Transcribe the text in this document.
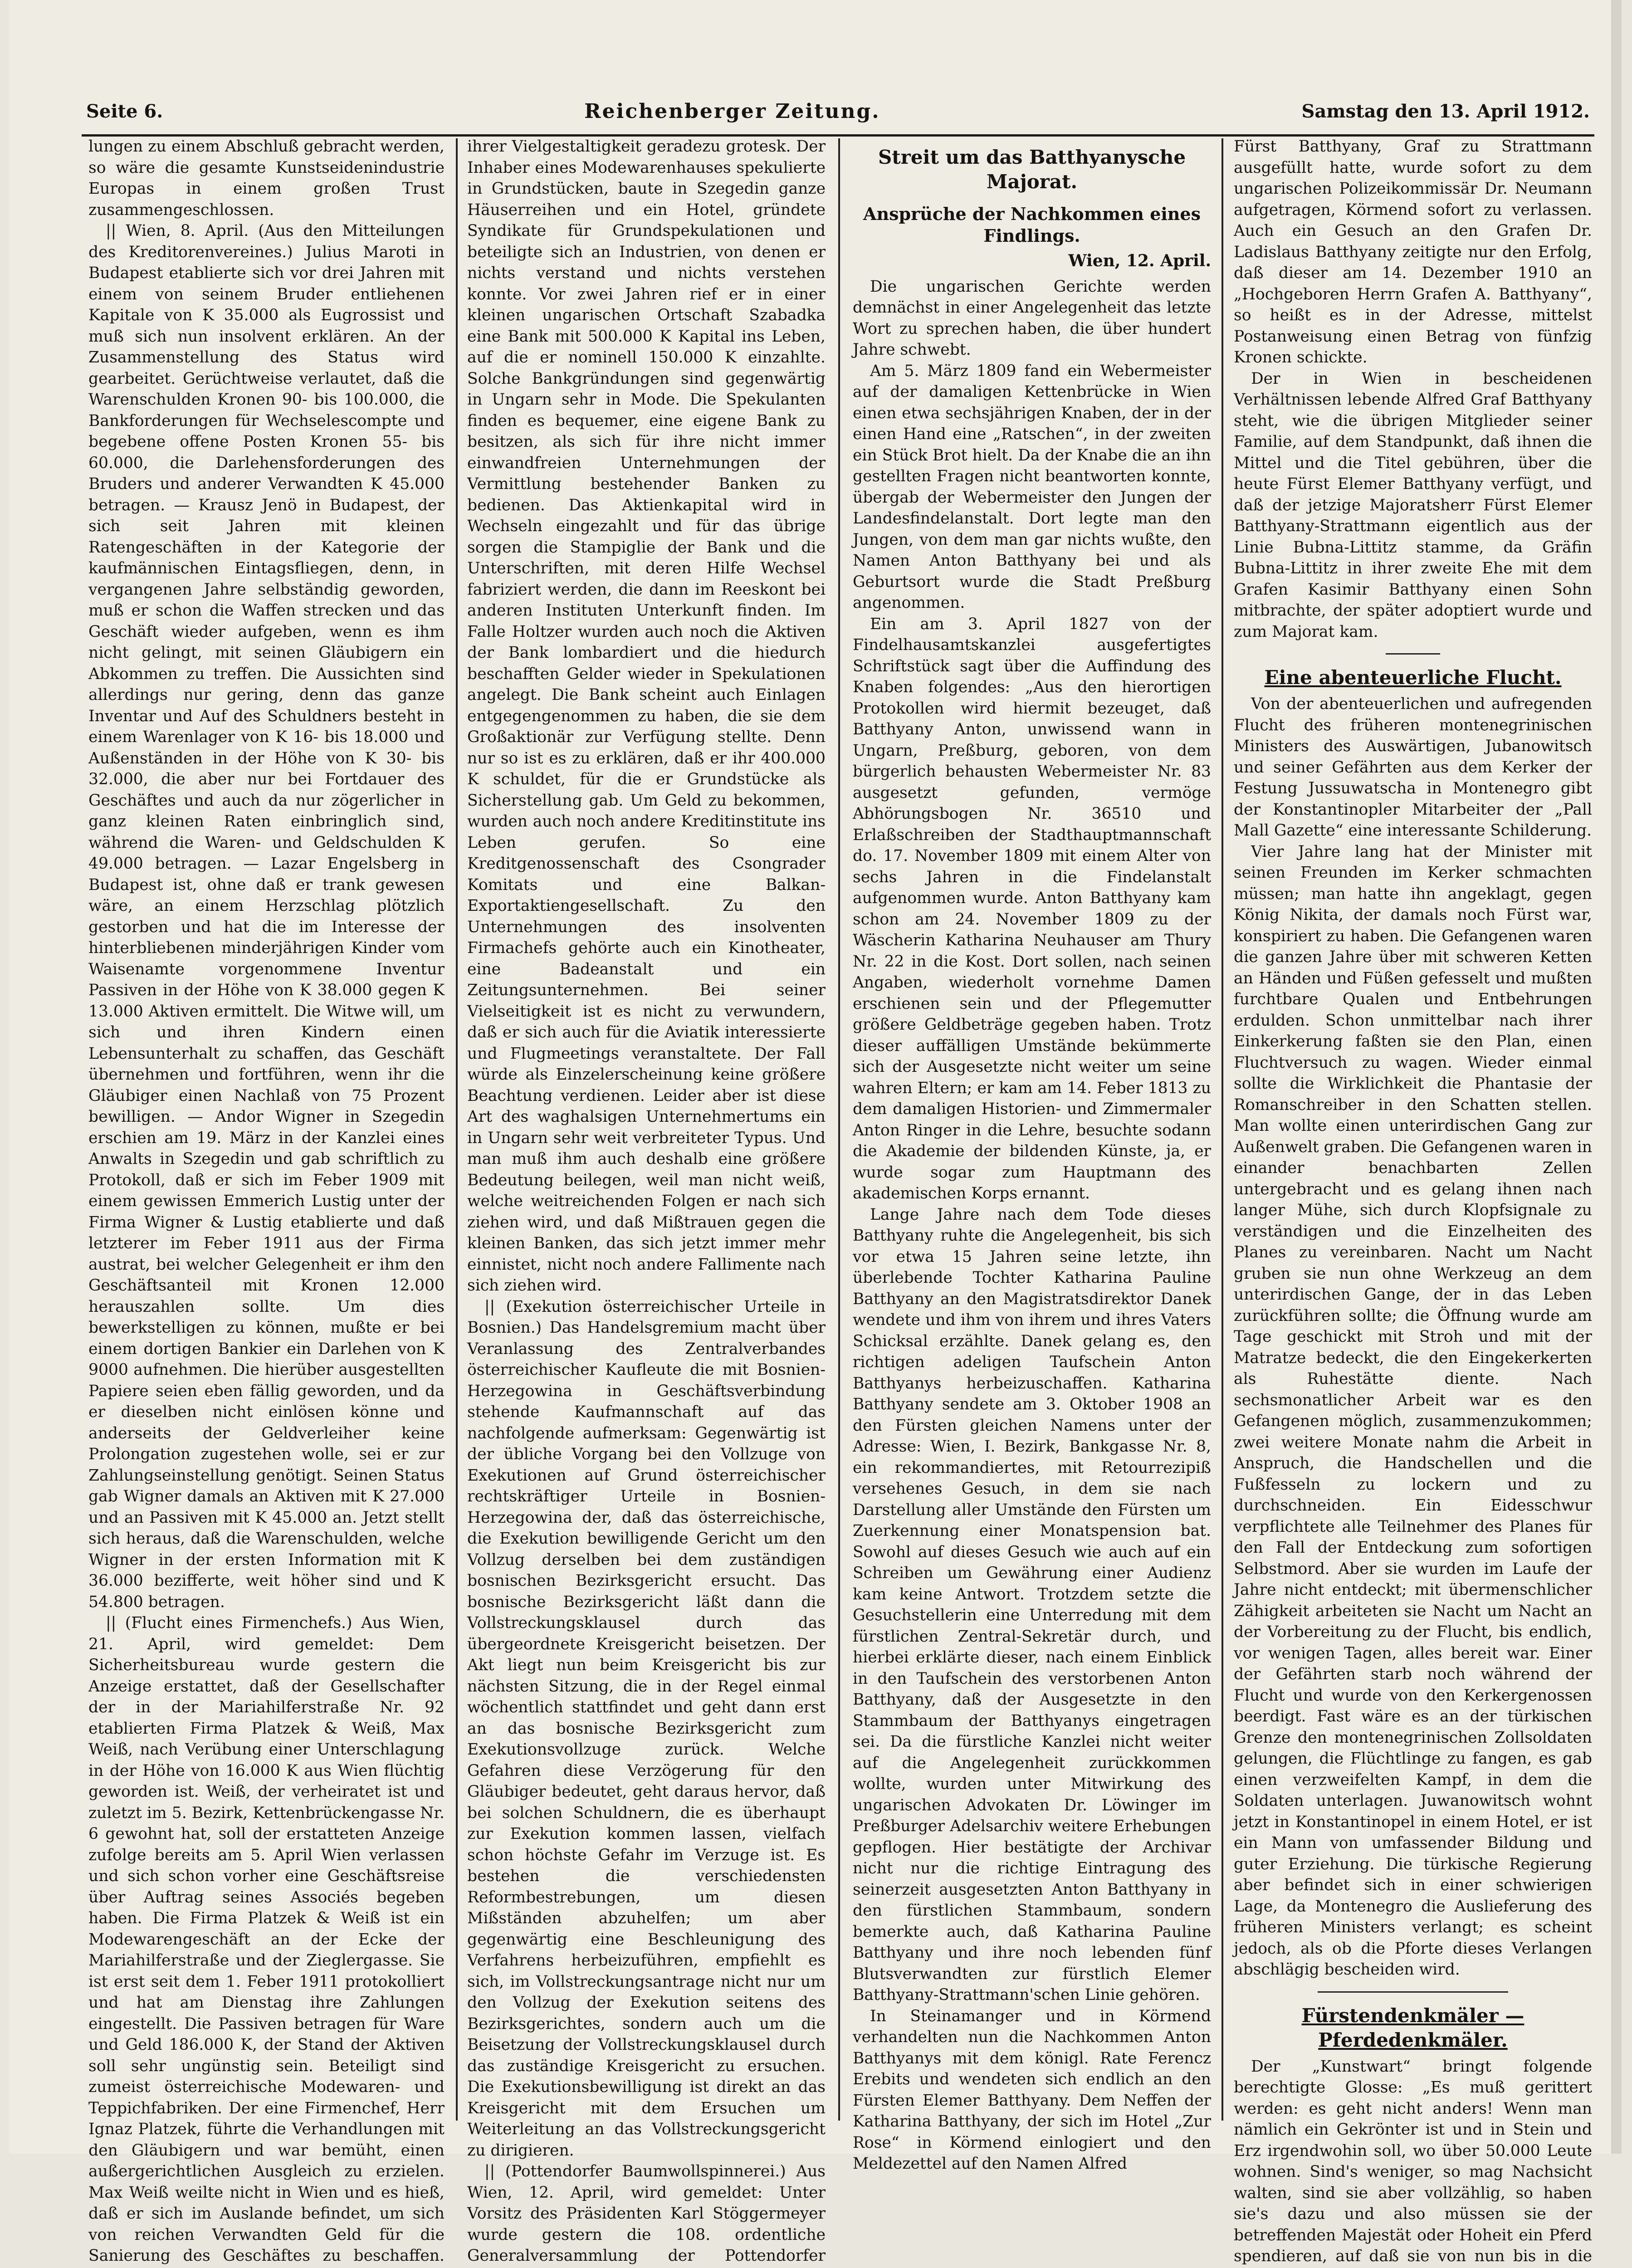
Seite 6.	Reichenberger Zeitung.	Samstag den 13. April 1912.

lungen zu einem Abschluß gebracht werden, so wäre die gesamte Kunstseidenindustrie Europas in einem großen Trust zusammengeschlossen.

|| Wien, 8. April. (Aus den Mitteilungen des Kreditorenvereines.) Julius Maroti in Budapest etablierte sich vor drei Jahren mit einem von seinem Bruder entliehenen Kapitale von K 35.000 als Eugrossist und muß sich nun insolvent erklären. An der Zusammenstellung des Status wird gearbeitet. Gerüchtweise verlautet, daß die Warenschulden Kronen 90- bis 100.000, die Bankforderungen für Wechselescompte und begebene offene Posten Kronen 55- bis 60.000, die Darlehensforderungen des Bruders und anderer Verwandten K 45.000 betragen. — Krausz Jenö in Budapest, der sich seit Jahren mit kleinen Ratengeschäften in der Kategorie der kaufmännischen Eintagsfliegen, denn, in vergangenen Jahre selbständig geworden, muß er schon die Waffen strecken und das Geschäft wieder aufgeben, wenn es ihm nicht gelingt, mit seinen Gläubigern ein Abkommen zu treffen. Die Aussichten sind allerdings nur gering, denn das ganze Inventar und Auf des Schuldners besteht in einem Warenlager von K 16- bis 18.000 und Außenständen in der Höhe von K 30- bis 32.000, die aber nur bei Fortdauer des Geschäftes und auch da nur zögerlicher in ganz kleinen Raten einbringlich sind, während die Waren- und Geldschulden K 49.000 betragen. — Lazar Engelsberg in Budapest ist, ohne daß er trank gewesen wäre, an einem Herzschlag plötzlich gestorben und hat die im Interesse der hinterbliebenen minderjährigen Kinder vom Waisenamte vorgenommene Inventur Passiven in der Höhe von K 38.000 gegen K 13.000 Aktiven ermittelt. Die Witwe will, um sich und ihren Kindern einen Lebensunterhalt zu schaffen, das Geschäft übernehmen und fortführen, wenn ihr die Gläubiger einen Nachlaß von 75 Prozent bewilligen. — Andor Wigner in Szegedin erschien am 19. März in der Kanzlei eines Anwalts in Szegedin und gab schriftlich zu Protokoll, daß er sich im Feber 1909 mit einem gewissen Emmerich Lustig unter der Firma Wigner & Lustig etablierte und daß letzterer im Feber 1911 aus der Firma austrat, bei welcher Gelegenheit er ihm den Geschäftsanteil mit Kronen 12.000 herauszahlen sollte. Um dies bewerkstelligen zu können, mußte er bei einem dortigen Bankier ein Darlehen von K 9000 aufnehmen. Die hierüber ausgestellten Papiere seien eben fällig geworden, und da er dieselben nicht einlösen könne und anderseits der Geldverleiher keine Prolongation zugestehen wolle, sei er zur Zahlungseinstellung genötigt. Seinen Status gab Wigner damals an Aktiven mit K 27.000 und an Passiven mit K 45.000 an. Jetzt stellt sich heraus, daß die Warenschulden, welche Wigner in der ersten Information mit K 36.000 bezifferte, weit höher sind und K 54.800 betragen.

|| (Flucht eines Firmenchefs.) Aus Wien, 21. April, wird gemeldet: Dem Sicherheitsbureau wurde gestern die Anzeige erstattet, daß der Gesellschafter der in der Mariahilferstraße Nr. 92 etablierten Firma Platzek & Weiß, Max Weiß, nach Verübung einer Unterschlagung in der Höhe von 16.000 K aus Wien flüchtig geworden ist. Weiß, der verheiratet ist und zuletzt im 5. Bezirk, Kettenbrückengasse Nr. 6 gewohnt hat, soll der erstatteten Anzeige zufolge bereits am 5. April Wien verlassen und sich schon vorher eine Geschäftsreise über Auftrag seines Associés begeben haben. Die Firma Platzek & Weiß ist ein Modewarengeschäft an der Ecke der Mariahilferstraße und der Zieglergasse. Sie ist erst seit dem 1. Feber 1911 protokolliert und hat am Dienstag ihre Zahlungen eingestellt. Die Passiven betragen für Ware und Geld 186.000 K, der Stand der Aktiven soll sehr ungünstig sein. Beteiligt sind zumeist österreichische Modewaren- und Teppichfabriken. Der eine Firmenchef, Herr Ignaz Platzek, führte die Verhandlungen mit den Gläubigern und war bemüht, einen außergerichtlichen Ausgleich zu erzielen. Max Weiß weilte nicht in Wien und es hieß, daß er sich im Auslande befindet, um sich von reichen Verwandten Geld für die Sanierung des Geschäftes zu beschaffen.

ihrer Vielgestaltigkeit geradezu grotesk. Der Inhaber eines Modewarenhauses spekulierte in Grundstücken, baute in Szegedin ganze Häuserreihen und ein Hotel, gründete Syndikate für Grundspekulationen und beteiligte sich an Industrien, von denen er nichts verstand und nichts verstehen konnte. Vor zwei Jahren rief er in einer kleinen ungarischen Ortschaft Szabadka eine Bank mit 500.000 K Kapital ins Leben, auf die er nominell 150.000 K einzahlte. Solche Bankgründungen sind gegenwärtig in Ungarn sehr in Mode. Die Spekulanten finden es bequemer, eine eigene Bank zu besitzen, als sich für ihre nicht immer einwandfreien Unternehmungen der Vermittlung bestehender Banken zu bedienen. Das Aktienkapital wird in Wechseln eingezahlt und für das übrige sorgen die Stampiglie der Bank und die Unterschriften, mit deren Hilfe Wechsel fabriziert werden, die dann im Reeskont bei anderen Instituten Unterkunft finden. Im Falle Holtzer wurden auch noch die Aktiven der Bank lombardiert und die hiedurch beschafften Gelder wieder in Spekulationen angelegt. Die Bank scheint auch Einlagen entgegengenommen zu haben, die sie dem Großaktionär zur Verfügung stellte. Denn nur so ist es zu erklären, daß er ihr 400.000 K schuldet, für die er Grundstücke als Sicherstellung gab. Um Geld zu bekommen, wurden auch noch andere Kreditinstitute ins Leben gerufen. So eine Kreditgenossenschaft des Csongrader Komitats und eine Balkan-Exportaktiengesellschaft. Zu den Unternehmungen des insolventen Firmachefs gehörte auch ein Kinotheater, eine Badeanstalt und ein Zeitungsunternehmen. Bei seiner Vielseitigkeit ist es nicht zu verwundern, daß er sich auch für die Aviatik interessierte und Flugmeetings veranstaltete. Der Fall würde als Einzelerscheinung keine größere Beachtung verdienen. Leider aber ist diese Art des waghalsigen Unternehmertums ein in Ungarn sehr weit verbreiteter Typus. Und man muß ihm auch deshalb eine größere Bedeutung beilegen, weil man nicht weiß, welche weitreichenden Folgen er nach sich ziehen wird, und daß Mißtrauen gegen die kleinen Banken, das sich jetzt immer mehr einnistet, nicht noch andere Fallimente nach sich ziehen wird.

|| (Exekution österreichischer Urteile in Bosnien.) Das Handelsgremium macht über Veranlassung des Zentralverbandes österreichischer Kaufleute die mit Bosnien-Herzegowina in Geschäftsverbindung stehende Kaufmannschaft auf das nachfolgende aufmerksam: Gegenwärtig ist der übliche Vorgang bei den Vollzuge von Exekutionen auf Grund österreichischer rechtskräftiger Urteile in Bosnien-Herzegowina der, daß das österreichische, die Exekution bewilligende Gericht um den Vollzug derselben bei dem zuständigen bosnischen Bezirksgericht ersucht. Das bosnische Bezirksgericht läßt dann die Vollstreckungsklausel durch das übergeordnete Kreisgericht beisetzen. Der Akt liegt nun beim Kreisgericht bis zur nächsten Sitzung, die in der Regel einmal wöchentlich stattfindet und geht dann erst an das bosnische Bezirksgericht zum Exekutionsvollzuge zurück. Welche Gefahren diese Verzögerung für den Gläubiger bedeutet, geht daraus hervor, daß bei solchen Schuldnern, die es überhaupt zur Exekution kommen lassen, vielfach schon höchste Gefahr im Verzuge ist. Es bestehen die verschiedensten Reformbestrebungen, um diesen Mißständen abzuhelfen; um aber gegenwärtig eine Beschleunigung des Verfahrens herbeizuführen, empfiehlt es sich, im Vollstreckungsantrage nicht nur um den Vollzug der Exekution seitens des Bezirksgerichtes, sondern auch um die Beisetzung der Vollstreckungsklausel durch das zuständige Kreisgericht zu ersuchen. Die Exekutionsbewilligung ist direkt an das Kreisgericht mit dem Ersuchen um Weiterleitung an das Vollstreckungsgericht zu dirigieren.

|| (Pottendorfer Baumwollspinnerei.) Aus Wien, 12. April, wird gemeldet: Unter Vorsitz des Präsidenten Karl Stöggermeyer wurde gestern die 108. ordentliche Generalversammlung der Pottendorfer

Streit um das Batthyanysche Majorat.
Ansprüche der Nachkommen eines Findlings.
Wien, 12. April.

Die ungarischen Gerichte werden demnächst in einer Angelegenheit das letzte Wort zu sprechen haben, die über hundert Jahre schwebt.

Am 5. März 1809 fand ein Webermeister auf der damaligen Kettenbrücke in Wien einen etwa sechsjährigen Knaben, der in der einen Hand eine „Ratschen“, in der zweiten ein Stück Brot hielt. Da der Knabe die an ihn gestellten Fragen nicht beantworten konnte, übergab der Webermeister den Jungen der Landesfindelanstalt. Dort legte man den Jungen, von dem man gar nichts wußte, den Namen Anton Batthyany bei und als Geburtsort wurde die Stadt Preßburg angenommen.

Ein am 3. April 1827 von der Findelhausamtskanzlei ausgefertigtes Schriftstück sagt über die Auffindung des Knaben folgendes: „Aus den hierortigen Protokollen wird hiermit bezeuget, daß Batthyany Anton, unwissend wann in Ungarn, Preßburg, geboren, von dem bürgerlich behausten Webermeister Nr. 83 ausgesetzt gefunden, vermöge Abhörungsbogen Nr. 36510 und Erlaßschreiben der Stadthauptmannschaft do. 17. November 1809 mit einem Alter von sechs Jahren in die Findelanstalt aufgenommen wurde. Anton Batthyany kam schon am 24. November 1809 zu der Wäscherin Katharina Neuhauser am Thury Nr. 22 in die Kost. Dort sollen, nach seinen Angaben, wiederholt vornehme Damen erschienen sein und der Pflegemutter größere Geldbeträge gegeben haben. Trotz dieser auffälligen Umstände bekümmerte sich der Ausgesetzte nicht weiter um seine wahren Eltern; er kam am 14. Feber 1813 zu dem damaligen Historien- und Zimmermaler Anton Ringer in die Lehre, besuchte sodann die Akademie der bildenden Künste, ja, er wurde sogar zum Hauptmann des akademischen Korps ernannt.

Lange Jahre nach dem Tode dieses Batthyany ruhte die Angelegenheit, bis sich vor etwa 15 Jahren seine letzte, ihn überlebende Tochter Katharina Pauline Batthyany an den Magistratsdirektor Danek wendete und ihm von ihrem und ihres Vaters Schicksal erzählte. Danek gelang es, den richtigen adeligen Taufschein Anton Batthyanys herbeizuschaffen. Katharina Batthyany sendete am 3. Oktober 1908 an den Fürsten gleichen Namens unter der Adresse: Wien, I. Bezirk, Bankgasse Nr. 8, ein rekommandiertes, mit Retourrezipiß versehenes Gesuch, in dem sie nach Darstellung aller Umstände den Fürsten um Zuerkennung einer Monatspension bat. Sowohl auf dieses Gesuch wie auch auf ein Schreiben um Gewährung einer Audienz kam keine Antwort. Trotzdem setzte die Gesuchstellerin eine Unterredung mit dem fürstlichen Zentral-Sekretär durch, und hierbei erklärte dieser, nach einem Einblick in den Taufschein des verstorbenen Anton Batthyany, daß der Ausgesetzte in den Stammbaum der Batthyanys eingetragen sei. Da die fürstliche Kanzlei nicht weiter auf die Angelegenheit zurückkommen wollte, wurden unter Mitwirkung des ungarischen Advokaten Dr. Löwinger im Preßburger Adelsarchiv weitere Erhebungen gepflogen. Hier bestätigte der Archivar nicht nur die richtige Eintragung des seinerzeit ausgesetzten Anton Batthyany in den fürstlichen Stammbaum, sondern bemerkte auch, daß Katharina Pauline Batthyany und ihre noch lebenden fünf Blutsverwandten zur fürstlich Elemer Batthyany-Strattmann'schen Linie gehören.

In Steinamanger und in Körmend verhandelten nun die Nachkommen Anton Batthyanys mit dem königl. Rate Ferencz Erebits und wendeten sich endlich an den Fürsten Elemer Batthyany. Dem Neffen der Katharina Batthyany, der sich im Hotel „Zur Rose“ in Körmend einlogiert und den Meldezettel auf den Namen Alfred

Fürst Batthyany, Graf zu Strattmann ausgefüllt hatte, wurde sofort zu dem ungarischen Polizeikommissär Dr. Neumann aufgetragen, Körmend sofort zu verlassen. Auch ein Gesuch an den Grafen Dr. Ladislaus Batthyany zeitigte nur den Erfolg, daß dieser am 14. Dezember 1910 an „Hochgeboren Herrn Grafen A. Batthyany“, so heißt es in der Adresse, mittelst Postanweisung einen Betrag von fünfzig Kronen schickte.

Der in Wien in bescheidenen Verhältnissen lebende Alfred Graf Batthyany steht, wie die übrigen Mitglieder seiner Familie, auf dem Standpunkt, daß ihnen die Mittel und die Titel gebühren, über die heute Fürst Elemer Batthyany verfügt, und daß der jetzige Majoratsherr Fürst Elemer Batthyany-Strattmann eigentlich aus der Linie Bubna-Littitz stamme, da Gräfin Bubna-Littitz in ihrer zweite Ehe mit dem Grafen Kasimir Batthyany einen Sohn mitbrachte, der später adoptiert wurde und zum Majorat kam.

Eine abenteuerliche Flucht.

Von der abenteuerlichen und aufregenden Flucht des früheren montenegrinischen Ministers des Auswärtigen, Jubanowitsch und seiner Gefährten aus dem Kerker der Festung Jussuwatscha in Montenegro gibt der Konstantinopler Mitarbeiter der „Pall Mall Gazette“ eine interessante Schilderung.

Vier Jahre lang hat der Minister mit seinen Freunden im Kerker schmachten müssen; man hatte ihn angeklagt, gegen König Nikita, der damals noch Fürst war, konspiriert zu haben. Die Gefangenen waren die ganzen Jahre über mit schweren Ketten an Händen und Füßen gefesselt und mußten furchtbare Qualen und Entbehrungen erdulden. Schon unmittelbar nach ihrer Einkerkerung faßten sie den Plan, einen Fluchtversuch zu wagen. Wieder einmal sollte die Wirklichkeit die Phantasie der Romanschreiber in den Schatten stellen. Man wollte einen unterirdischen Gang zur Außenwelt graben. Die Gefangenen waren in einander benachbarten Zellen untergebracht und es gelang ihnen nach langer Mühe, sich durch Klopfsignale zu verständigen und die Einzelheiten des Planes zu vereinbaren. Nacht um Nacht gruben sie nun ohne Werkzeug an dem unterirdischen Gange, der in das Leben zurückführen sollte; die Öffnung wurde am Tage geschickt mit Stroh und mit der Matratze bedeckt, die den Eingekerkerten als Ruhestätte diente. Nach sechsmonatlicher Arbeit war es den Gefangenen möglich, zusammenzukommen; zwei weitere Monate nahm die Arbeit in Anspruch, die Handschellen und die Fußfesseln zu lockern und zu durchschneiden. Ein Eidesschwur verpflichtete alle Teilnehmer des Planes für den Fall der Entdeckung zum sofortigen Selbstmord. Aber sie wurden im Laufe der Jahre nicht entdeckt; mit übermenschlicher Zähigkeit arbeiteten sie Nacht um Nacht an der Vorbereitung zu der Flucht, bis endlich, vor wenigen Tagen, alles bereit war. Einer der Gefährten starb noch während der Flucht und wurde von den Kerkergenossen beerdigt. Fast wäre es an der türkischen Grenze den montenegrinischen Zollsoldaten gelungen, die Flüchtlinge zu fangen, es gab einen verzweifelten Kampf, in dem die Soldaten unterlagen. Juwanowitsch wohnt jetzt in Konstantinopel in einem Hotel, er ist ein Mann von umfassender Bildung und guter Erziehung. Die türkische Regierung aber befindet sich in einer schwierigen Lage, da Montenegro die Auslieferung des früheren Ministers verlangt; es scheint jedoch, als ob die Pforte dieses Verlangen abschlägig bescheiden wird.

Fürstendenkmäler — Pferdedenkmäler.

Der „Kunstwart“ bringt folgende berechtigte Glosse: „Es muß gerittert werden: es geht nicht anders! Wenn man nämlich ein Gekrönter ist und in Stein und Erz irgendwohin soll, wo über 50.000 Leute wohnen. Sind's weniger, so mag Nachsicht walten, sind sie aber vollzählig, so haben sie's dazu und also müssen sie der betreffenden Majestät oder Hoheit ein Pferd spendieren, auf daß sie von nun bis in die
